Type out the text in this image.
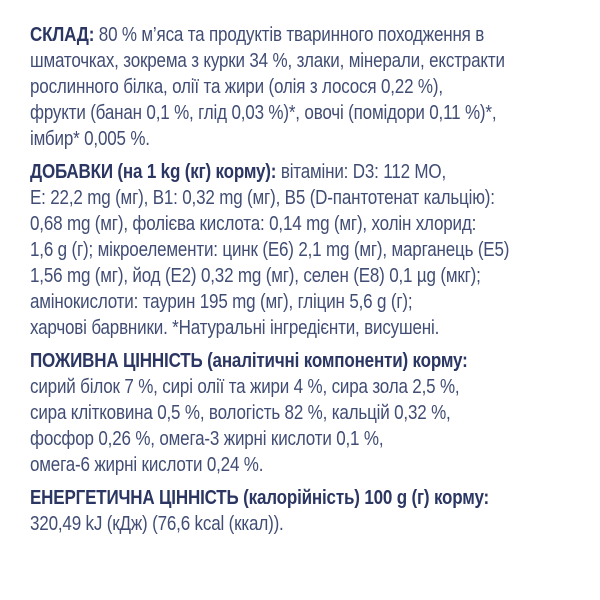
СКЛАД: 80 % м’яса та продуктів тваринного походження в
шматочках, зокрема з курки 34 %, злаки, мінерали, екстракти
рослинного білка, олії та жири (олія з лосося 0,22 %),
фрукти (банан 0,1 %, глід 0,03 %)*, овочі (помідори 0,11 %)*,
імбир* 0,005 %.
ДОБАВКИ (на 1 kg (кг) корму): вітаміни: D3: 112 МО,
Е: 22,2 mg (мг), В1: 0,32 mg (мг), В5 (D-пантотенат кальцію):
0,68 mg (мг), фолієва кислота: 0,14 mg (мг), холін хлорид:
1,6 g (г); мікроелементи: цинк (Е6) 2,1 mg (мг), марганець (Е5)
1,56 mg (мг), йод (Е2) 0,32 mg (мг), селен (Е8) 0,1 µg (мкг);
амінокислоти: таурин 195 mg (мг), гліцин 5,6 g (г);
харчові барвники. *Натуральні інгредієнти, висушені.
ПОЖИВНА ЦІННІСТЬ (аналітичні компоненти) корму:
сирий білок 7 %, сирі олії та жири 4 %, сира зола 2,5 %,
сира клітковина 0,5 %, вологість 82 %, кальцій 0,32 %,
фосфор 0,26 %, омега-3 жирні кислоти 0,1 %,
омега-6 жирні кислоти 0,24 %.
ЕНЕРГЕТИЧНА ЦІННІСТЬ (калорійність) 100 g (г) корму:
320,49 kJ (кДж) (76,6 kcal (ккал)).
